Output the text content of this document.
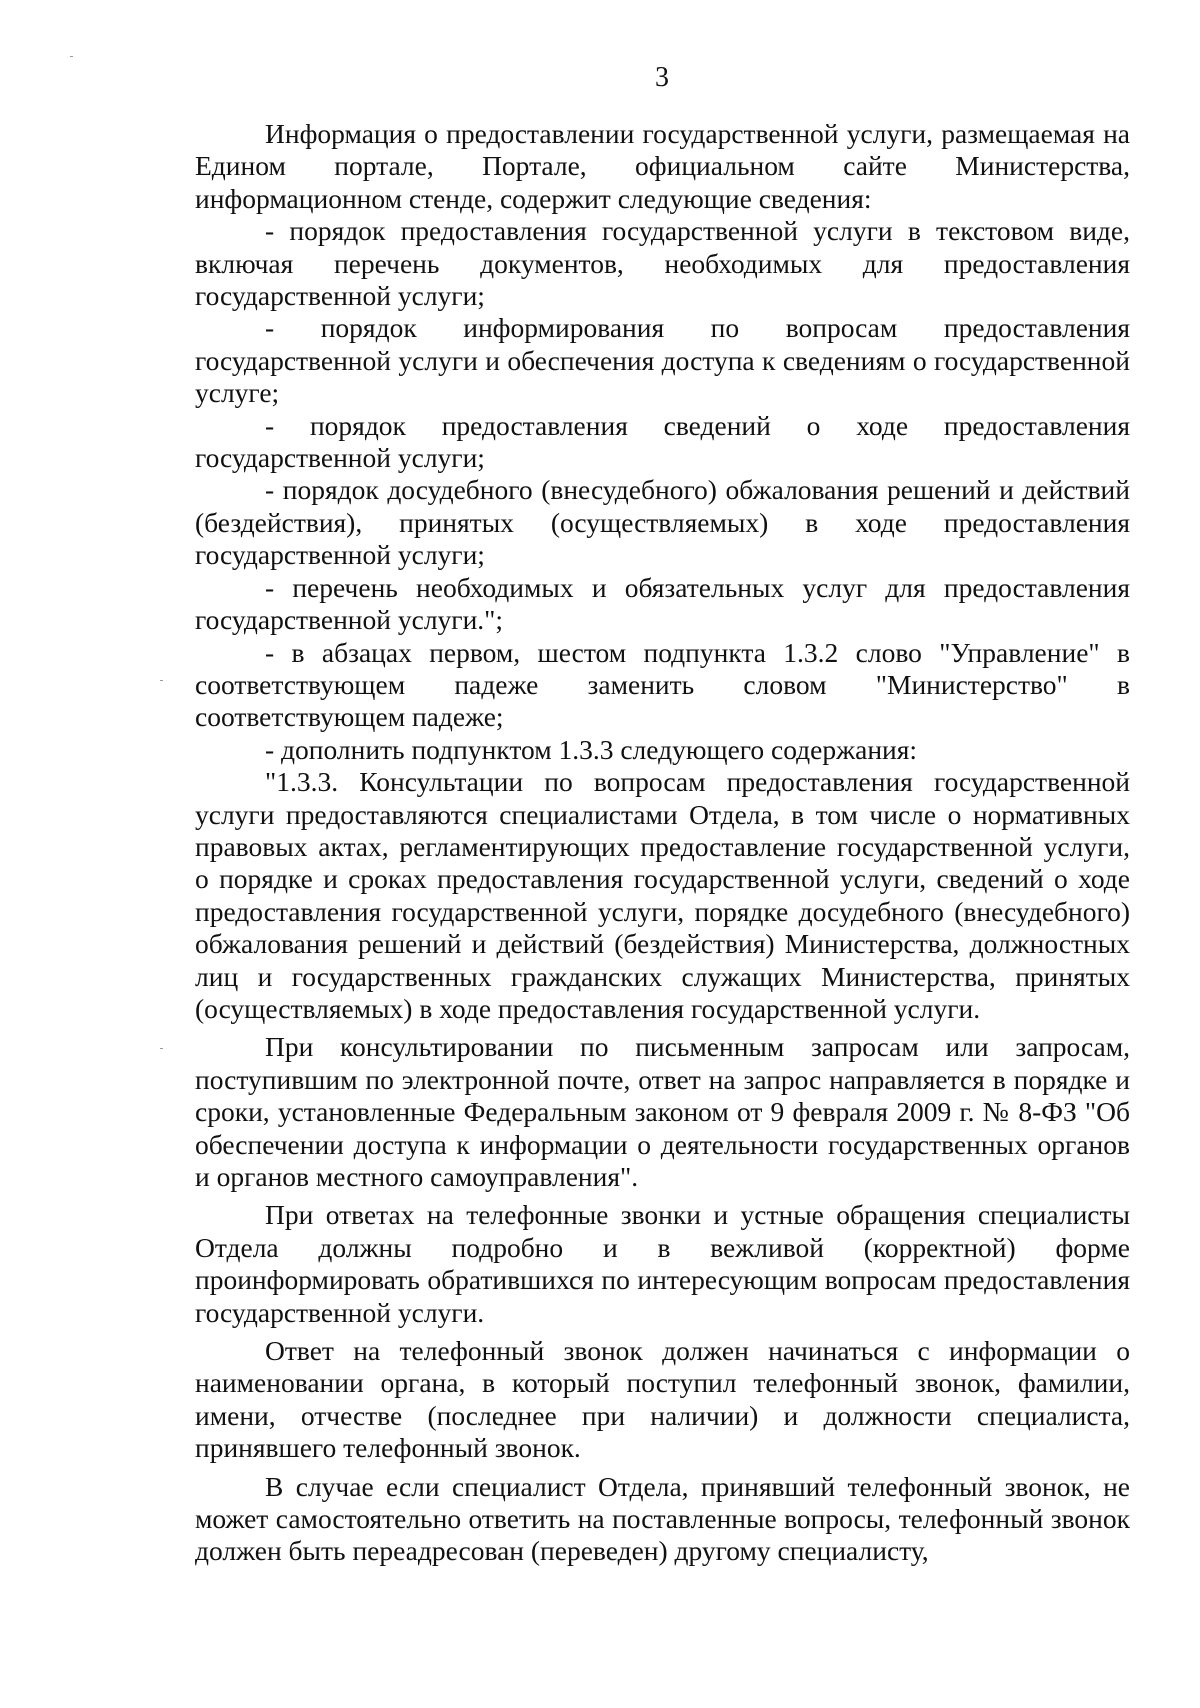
3

Информация о предоставлении государственной услуги, размещаемая на Едином портале, Портале, официальном сайте Министерства, информационном стенде, содержит следующие сведения:

- порядок предоставления государственной услуги в текстовом виде, включая перечень документов, необходимых для предоставления государственной услуги;

- порядок информирования по вопросам предоставления государственной услуги и обеспечения доступа к сведениям о государственной услуге;

- порядок предоставления сведений о ходе предоставления государственной услуги;

- порядок досудебного (внесудебного) обжалования решений и действий (бездействия), принятых (осуществляемых) в ходе предоставления государственной услуги;

- перечень необходимых и обязательных услуг для предоставления государственной услуги.";

- в абзацах первом, шестом подпункта 1.3.2 слово "Управление" в соответствующем падеже заменить словом "Министерство" в соответствующем падеже;

- дополнить подпунктом 1.3.3 следующего содержания:

"1.3.3. Консультации по вопросам предоставления государственной услуги предоставляются специалистами Отдела, в том числе о нормативных правовых актах, регламентирующих предоставление государственной услуги, о порядке и сроках предоставления государственной услуги, сведений о ходе предоставления государственной услуги, порядке досудебного (внесудебного) обжалования решений и действий (бездействия) Министерства, должностных лиц и государственных гражданских служащих Министерства, принятых (осуществляемых) в ходе предоставления государственной услуги.

При консультировании по письменным запросам или запросам, поступившим по электронной почте, ответ на запрос направляется в порядке и сроки, установленные Федеральным законом от 9 февраля 2009 г. № 8-ФЗ "Об обеспечении доступа к информации о деятельности государственных органов и органов местного самоуправления".

При ответах на телефонные звонки и устные обращения специалисты Отдела должны подробно и в вежливой (корректной) форме проинформировать обратившихся по интересующим вопросам предоставления государственной услуги.

Ответ на телефонный звонок должен начинаться с информации о наименовании органа, в который поступил телефонный звонок, фамилии, имени, отчестве (последнее при наличии) и должности специалиста, принявшего телефонный звонок.

В случае если специалист Отдела, принявший телефонный звонок, не может самостоятельно ответить на поставленные вопросы, телефонный звонок должен быть переадресован (переведен) другому специалисту,
